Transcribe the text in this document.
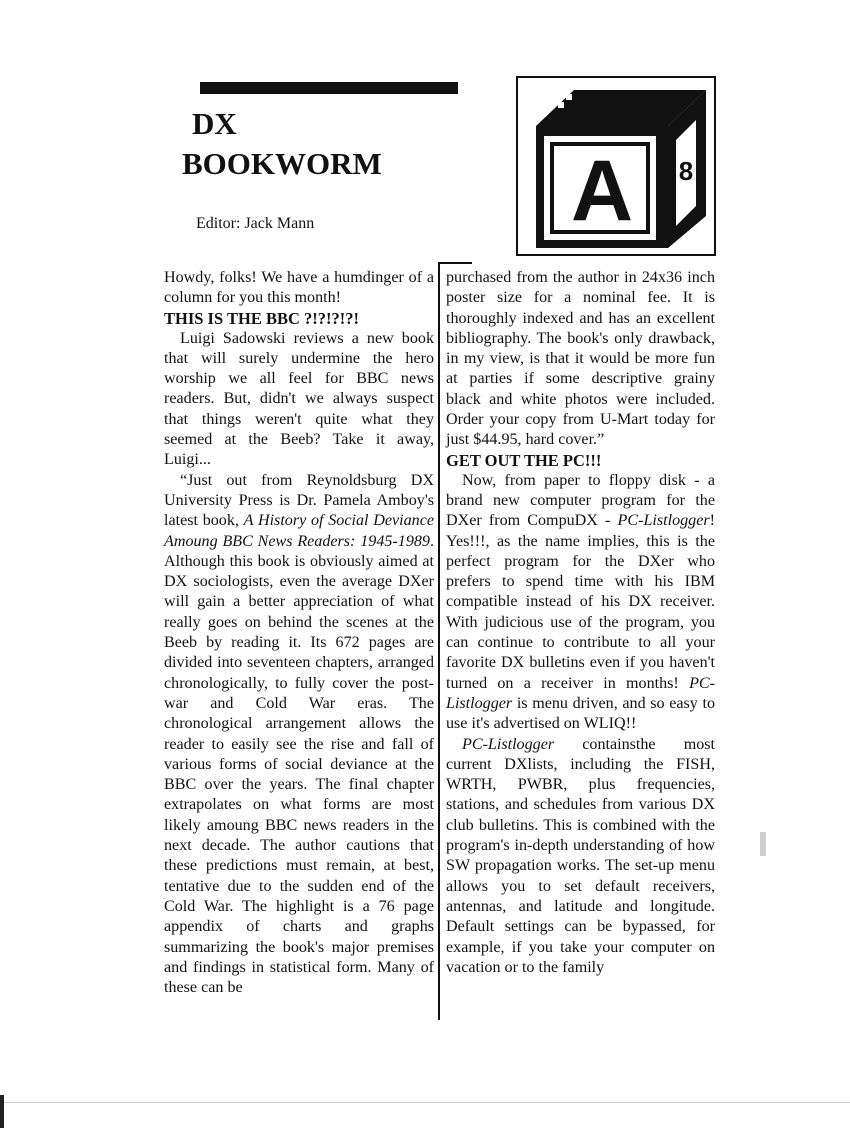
DX
BOOKWORM
Editor: Jack Mann	A 8

Howdy, folks! We have a humdinger of a column for you this month!

THIS IS THE BBC ?!?!?!?!

Luigi Sadowski reviews a new book that will surely undermine the hero worship we all feel for BBC news readers. But, didn't we always suspect that things weren't quite what they seemed at the Beeb? Take it away, Luigi...

“Just out from Reynoldsburg DX University Press is Dr. Pamela Amboy's latest book, A History of Social Deviance Amoung BBC News Readers: 1945-1989. Although this book is obviously aimed at DX sociologists, even the average DXer will gain a better appreciation of what really goes on behind the scenes at the Beeb by reading it. Its 672 pages are divided into seventeen chapters, arranged chronologically, to fully cover the post-war and Cold War eras. The chronological arrangement allows the reader to easily see the rise and fall of various forms of social deviance at the BBC over the years. The final chapter extrapolates on what forms are most likely amoung BBC news readers in the next decade. The author cautions that these predictions must remain, at best, tentative due to the sudden end of the Cold War. The highlight is a 76 page appendix of charts and graphs summarizing the book's major premises and findings in statistical form. Many of these can be

purchased from the author in 24x36 inch poster size for a nominal fee. It is thoroughly indexed and has an excellent bibliography. The book's only drawback, in my view, is that it would be more fun at parties if some descriptive grainy black and white photos were included. Order your copy from U-Mart today for just $44.95, hard cover.”

GET OUT THE PC!!!

Now, from paper to floppy disk - a brand new computer program for the DXer from CompuDX - PC-Listlogger! Yes!!!, as the name implies, this is the perfect program for the DXer who prefers to spend time with his IBM compatible instead of his DX receiver. With judicious use of the program, you can continue to contribute to all your favorite DX bulletins even if you haven't turned on a receiver in months! PC-Listlogger is menu driven, and so easy to use it's advertised on WLIQ!!

PC-Listlogger containsthe most current DXlists, including the FISH, WRTH, PWBR, plus frequencies, stations, and schedules from various DX club bulletins. This is combined with the program's in-depth understanding of how SW propagation works. The set-up menu allows you to set default receivers, antennas, and latitude and longitude. Default settings can be bypassed, for example, if you take your computer on vacation or to the family
